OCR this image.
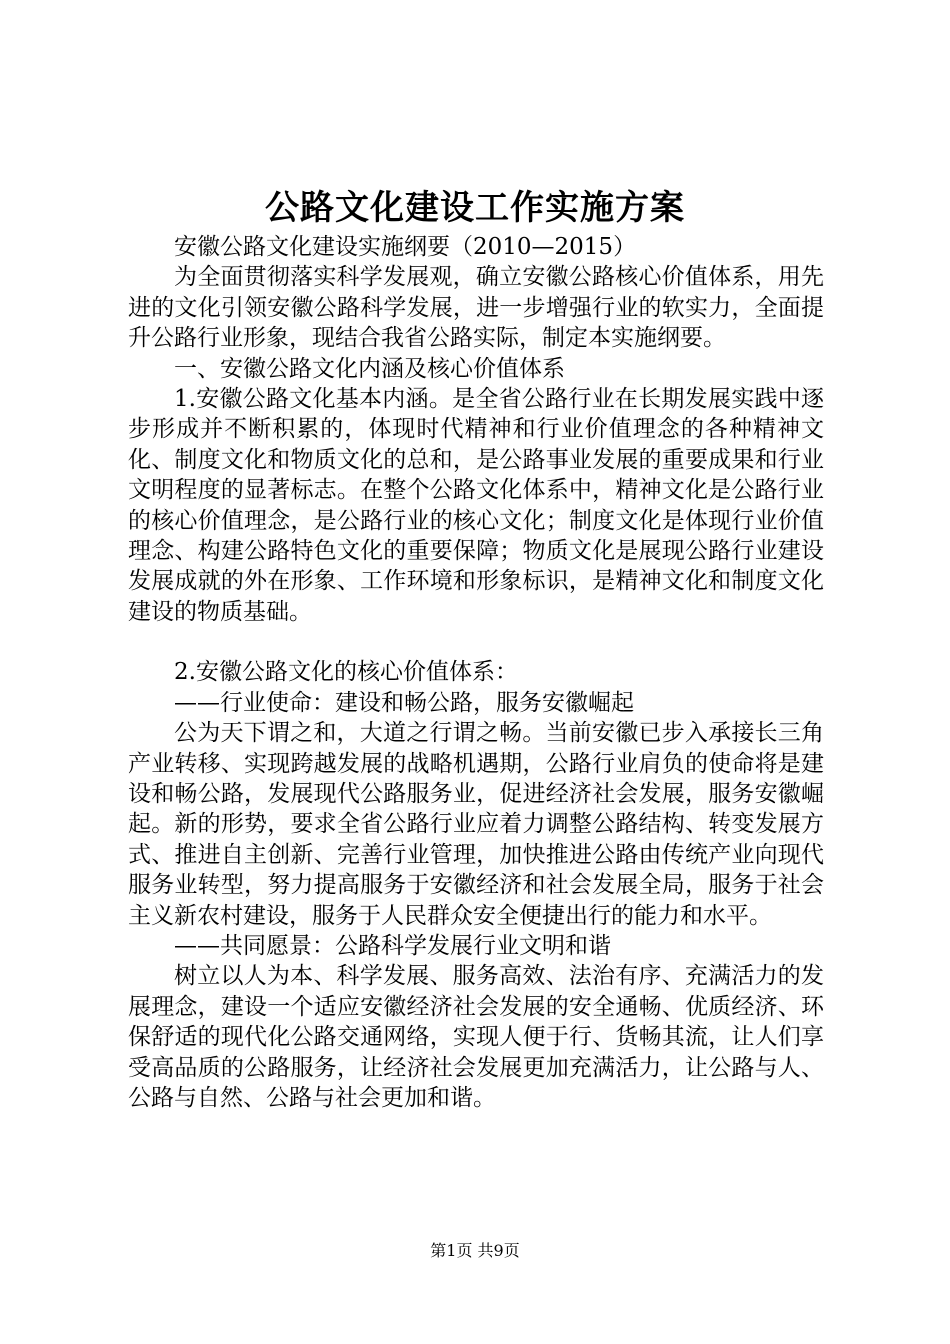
公路文化建设工作实施方案

安徽公路文化建设实施纲要（2010—2015）

为全面贯彻落实科学发展观，确立安徽公路核心价值体系，用先进的文化引领安徽公路科学发展，进一步增强行业的软实力，全面提升公路行业形象，现结合我省公路实际，制定本实施纲要。

一、安徽公路文化内涵及核心价值体系

1.安徽公路文化基本内涵。是全省公路行业在长期发展实践中逐步形成并不断积累的，体现时代精神和行业价值理念的各种精神文化、制度文化和物质文化的总和，是公路事业发展的重要成果和行业文明程度的显著标志。在整个公路文化体系中，精神文化是公路行业的核心价值理念，是公路行业的核心文化；制度文化是体现行业价值理念、构建公路特色文化的重要保障；物质文化是展现公路行业建设发展成就的外在形象、工作环境和形象标识，是精神文化和制度文化建设的物质基础。

2.安徽公路文化的核心价值体系：

——行业使命：建设和畅公路，服务安徽崛起

公为天下谓之和，大道之行谓之畅。当前安徽已步入承接长三角产业转移、实现跨越发展的战略机遇期，公路行业肩负的使命将是建设和畅公路，发展现代公路服务业，促进经济社会发展，服务安徽崛起。新的形势，要求全省公路行业应着力调整公路结构、转变发展方式、推进自主创新、完善行业管理，加快推进公路由传统产业向现代服务业转型，努力提高服务于安徽经济和社会发展全局，服务于社会主义新农村建设，服务于人民群众安全便捷出行的能力和水平。

——共同愿景：公路科学发展行业文明和谐

树立以人为本、科学发展、服务高效、法治有序、充满活力的发展理念，建设一个适应安徽经济社会发展的安全通畅、优质经济、环保舒适的现代化公路交通网络，实现人便于行、货畅其流，让人们享受高品质的公路服务，让经济社会发展更加充满活力，让公路与人、公路与自然、公路与社会更加和谐。

第1页 共9页
